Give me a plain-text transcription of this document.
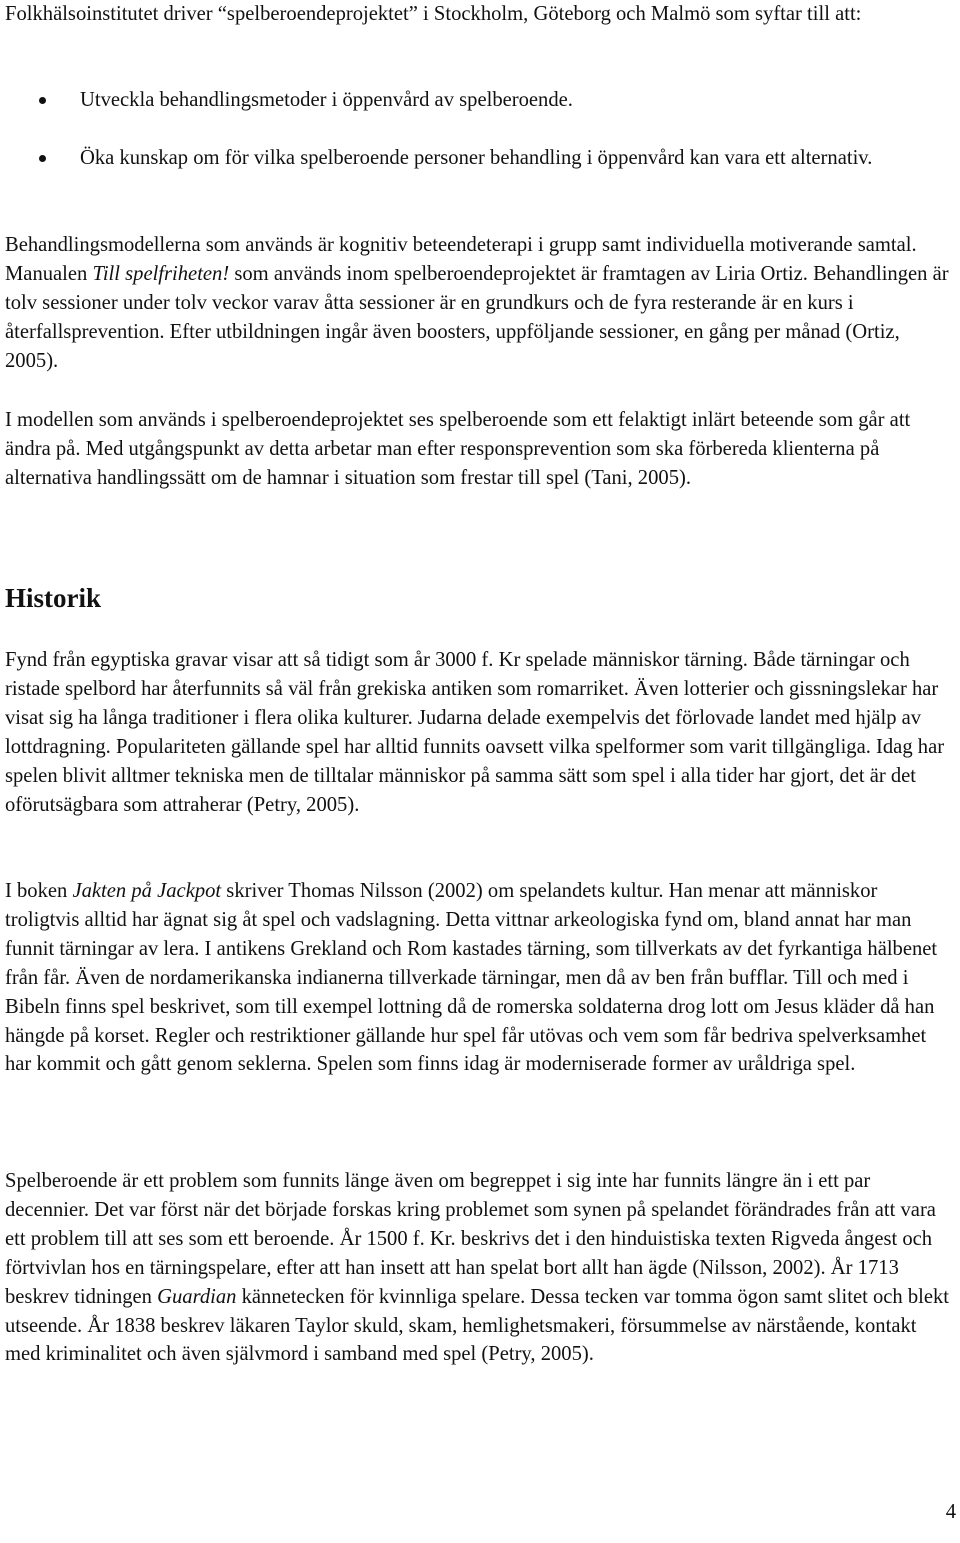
Folkhälsoinstitutet driver “spelberoendeprojektet” i Stockholm, Göteborg och Malmö som syftar till att:

Utveckla behandlingsmetoder i öppenvård av spelberoende.
Öka kunskap om för vilka spelberoende personer behandling i öppenvård kan vara ett alternativ.

Behandlingsmodellerna som används är kognitiv beteendeterapi i grupp samt individuella motiverande samtal. Manualen Till spelfriheten! som används inom spelberoendeprojektet är framtagen av Liria Ortiz. Behandlingen är tolv sessioner under tolv veckor varav åtta sessioner är en grundkurs och de fyra resterande är en kurs i återfallsprevention. Efter utbildningen ingår även boosters, uppföljande sessioner, en gång per månad (Ortiz, 2005).

I modellen som används i spelberoendeprojektet ses spelberoende som ett felaktigt inlärt beteende som går att ändra på. Med utgångspunkt av detta arbetar man efter responsprevention som ska förbereda klienterna på alternativa handlingssätt om de hamnar i situation som frestar till spel (Tani, 2005).

Historik

Fynd från egyptiska gravar visar att så tidigt som år 3000 f. Kr spelade människor tärning. Både tärningar och ristade spelbord har återfunnits så väl från grekiska antiken som romarriket. Även lotterier och gissningslekar har visat sig ha långa traditioner i flera olika kulturer. Judarna delade exempelvis det förlovade landet med hjälp av lottdragning. Populariteten gällande spel har alltid funnits oavsett vilka spelformer som varit tillgängliga. Idag har spelen blivit alltmer tekniska men de tilltalar människor på samma sätt som spel i alla tider har gjort, det är det oförutsägbara som attraherar (Petry, 2005).

I boken Jakten på Jackpot skriver Thomas Nilsson (2002) om spelandets kultur. Han menar att människor troligtvis alltid har ägnat sig åt spel och vadslagning. Detta vittnar arkeologiska fynd om, bland annat har man funnit tärningar av lera. I antikens Grekland och Rom kastades tärning, som tillverkats av det fyrkantiga hälbenet från får. Även de nordamerikanska indianerna tillverkade tärningar, men då av ben från bufflar. Till och med i Bibeln finns spel beskrivet, som till exempel lottning då de romerska soldaterna drog lott om Jesus kläder då han hängde på korset. Regler och restriktioner gällande hur spel får utövas och vem som får bedriva spelverksamhet har kommit och gått genom seklerna. Spelen som finns idag är moderniserade former av uråldriga spel.

Spelberoende är ett problem som funnits länge även om begreppet i sig inte har funnits längre än i ett par decennier. Det var först när det började forskas kring problemet som synen på spelandet förändrades från att vara ett problem till att ses som ett beroende. År 1500 f. Kr. beskrivs det i den hinduistiska texten Rigveda ångest och förtvivlan hos en tärningspelare, efter att han insett att han spelat bort allt han ägde (Nilsson, 2002). År 1713 beskrev tidningen Guardian kännetecken för kvinnliga spelare. Dessa tecken var tomma ögon samt slitet och blekt utseende. År 1838 beskrev läkaren Taylor skuld, skam, hemlighetsmakeri, försummelse av närstående, kontakt med kriminalitet och även självmord i samband med spel (Petry, 2005).

4
